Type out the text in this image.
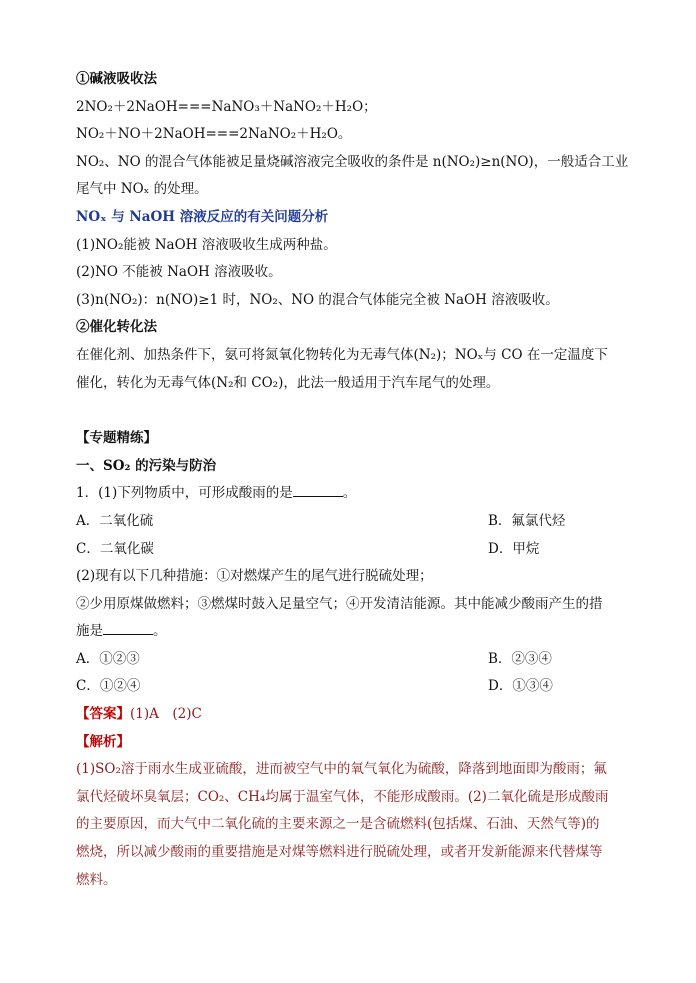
①碱液吸收法
2NO₂＋2NaOH===NaNO₃＋NaNO₂＋H₂O；
NO₂＋NO＋2NaOH===2NaNO₂＋H₂O。
NO₂、NO 的混合气体能被足量烧碱溶液完全吸收的条件是 n(NO₂)≥n(NO)，一般适合工业
尾气中 NOₓ 的处理。
NOₓ 与 NaOH 溶液反应的有关问题分析
(1)NO₂能被 NaOH 溶液吸收生成两种盐。
(2)NO 不能被 NaOH 溶液吸收。
(3)n(NO₂)：n(NO)≥1 时，NO₂、NO 的混合气体能完全被 NaOH 溶液吸收。
②催化转化法
在催化剂、加热条件下，氨可将氮氧化物转化为无毒气体(N₂)；NOₓ与 CO 在一定温度下
催化，转化为无毒气体(N₂和 CO₂)，此法一般适用于汽车尾气的处理。
【专题精练】
一、SO₂ 的污染与防治
1．(1)下列物质中，可形成酸雨的是	。
A．二氧化硫	B．氟氯代烃
C．二氧化碳	D．甲烷
(2)现有以下几种措施：①对燃煤产生的尾气进行脱硫处理；
②少用原煤做燃料；③燃煤时鼓入足量空气；④开发清洁能源。其中能减少酸雨产生的措
施是	。
A．①②③	B．②③④
C．①②④	D．①③④
【答案】(1)A　(2)C
【解析】
(1)SO₂溶于雨水生成亚硫酸，进而被空气中的氧气氧化为硫酸，降落到地面即为酸雨；氟
氯代烃破坏臭氧层；CO₂、CH₄均属于温室气体，不能形成酸雨。(2)二氧化硫是形成酸雨
的主要原因，而大气中二氧化硫的主要来源之一是含硫燃料(包括煤、石油、天然气等)的
燃烧，所以减少酸雨的重要措施是对煤等燃料进行脱硫处理，或者开发新能源来代替煤等
燃料。
